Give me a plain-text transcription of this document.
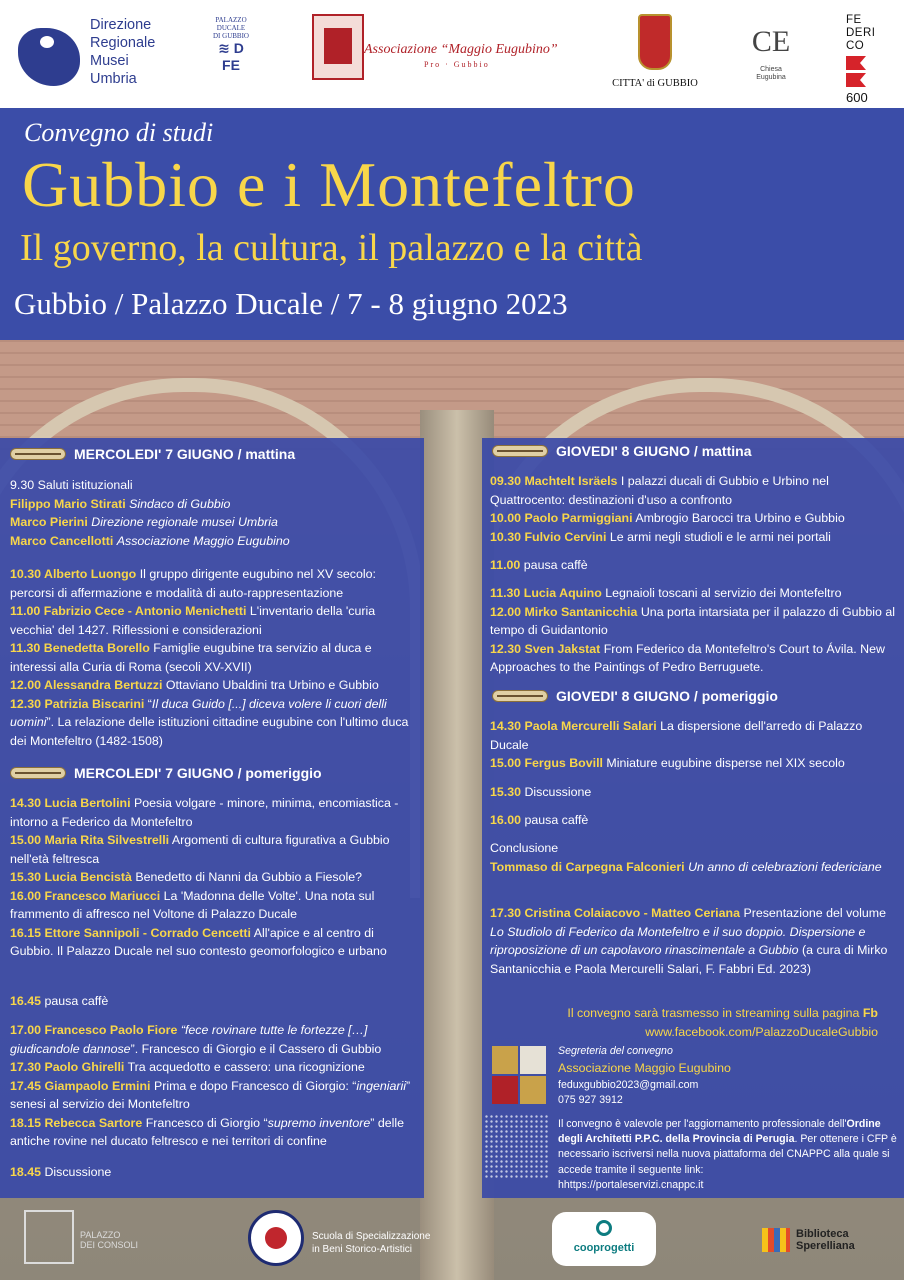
Direzione
Regionale
Musei
Umbria
PALAZZO
DUCALE
DI GUBBIO
≋ D
FE
Associazione “Maggio Eugubino”
Pro · Gubbio
CITTA' di GUBBIO
CE
Chiesa
Eugubina
FE
DERI
CO
600
Convegno di studi
Gubbio e i Montefeltro
Il governo, la cultura, il palazzo e la città
Gubbio / Palazzo Ducale / 7 - 8 giugno 2023
MERCOLEDI' 7 GIUGNO / mattina
9.30 Saluti istituzionali
Filippo Mario Stirati Sindaco di Gubbio
Marco Pierini Direzione regionale musei Umbria
Marco Cancellotti Associazione Maggio Eugubino
10.30 Alberto Luongo Il gruppo dirigente eugubino nel XV secolo: percorsi di affermazione e modalità di auto-rappresentazione
11.00 Fabrizio Cece - Antonio Menichetti L'inventario della 'curia vecchia' del 1427. Riflessioni e considerazioni
11.30 Benedetta Borello Famiglie eugubine tra servizio al duca e interessi alla Curia di Roma (secoli XV-XVII)
12.00 Alessandra Bertuzzi Ottaviano Ubaldini tra Urbino e Gubbio
12.30 Patrizia Biscarini “Il duca Guido [...] diceva volere li cuori delli uomini”. La relazione delle istituzioni cittadine eugubine con l'ultimo duca dei Montefeltro (1482-1508)
MERCOLEDI' 7 GIUGNO / pomeriggio
14.30 Lucia Bertolini Poesia volgare - minore, minima, encomiastica - intorno a Federico da Montefeltro
15.00 Maria Rita Silvestrelli Argomenti di cultura figurativa a Gubbio nell'età feltresca
15.30 Lucia Bencistà Benedetto di Nanni da Gubbio a Fiesole?
16.00 Francesco Mariucci La 'Madonna delle Volte'. Una nota sul frammento di affresco nel Voltone di Palazzo Ducale
16.15 Ettore Sannipoli - Corrado Cencetti All'apice e al centro di Gubbio. Il Palazzo Ducale nel suo contesto geomorfologico e urbano
16.45 pausa caffè
17.00 Francesco Paolo Fiore “fece rovinare tutte le fortezze […] giudicandole dannose”. Francesco di Giorgio e il Cassero di Gubbio
17.30 Paolo Ghirelli Tra acquedotto e cassero: una ricognizione
17.45 Giampaolo Ermini Prima e dopo Francesco di Giorgio: “ingeniarii” senesi al servizio dei Montefeltro
18.15 Rebecca Sartore Francesco di Giorgio “supremo inventore” delle antiche rovine nel ducato feltresco e nei territori di confine
18.45 Discussione
GIOVEDI' 8 GIUGNO / mattina
09.30 Machtelt Isräels I palazzi ducali di Gubbio e Urbino nel Quattrocento: destinazioni d'uso a confronto
10.00 Paolo Parmiggiani Ambrogio Barocci tra Urbino e Gubbio
10.30 Fulvio Cervini Le armi negli studioli e le armi nei portali
11.00 pausa caffè
11.30 Lucia Aquino Legnaioli toscani al servizio dei Montefeltro
12.00 Mirko Santanicchia Una porta intarsiata per il palazzo di Gubbio al tempo di Guidantonio
12.30 Sven Jakstat From Federico da Montefeltro's Court to Ávila. New Approaches to the Paintings of Pedro Berruguete.
GIOVEDI' 8 GIUGNO / pomeriggio
14.30 Paola Mercurelli Salari La dispersione dell'arredo di Palazzo Ducale
15.00 Fergus Bovill Miniature eugubine disperse nel XIX secolo
15.30 Discussione
16.00 pausa caffè
Conclusione
Tommaso di Carpegna Falconieri Un anno di celebrazioni federiciane
17.30 Cristina Colaiacovo - Matteo Ceriana Presentazione del volume Lo Studiolo di Federico da Montefeltro e il suo doppio. Dispersione e riproposizione di un capolavoro rinascimentale a Gubbio (a cura di Mirko Santanicchia e Paola Mercurelli Salari, F. Fabbri Ed. 2023)
Il convegno sarà trasmesso in streaming sulla pagina Fb
www.facebook.com/PalazzoDucaleGubbio
Segreteria del convegno
Associazione Maggio Eugubino
feduxgubbio2023@gmail.com
075 927 3912
Il convegno è valevole per l'aggiornamento professionale dell'Ordine degli Architetti P.P.C. della Provincia di Perugia. Per ottenere i CFP è necessario iscriversi nella nuova piattaforma del CNAPPC alla quale si accede tramite il seguente link:
hhttps://portaleservizi.cnappc.it
PALAZZO
DEI CONSOLI
Scuola di Specializzazione
in Beni Storico-Artistici	cooprogetti
Biblioteca
Sperelliana
